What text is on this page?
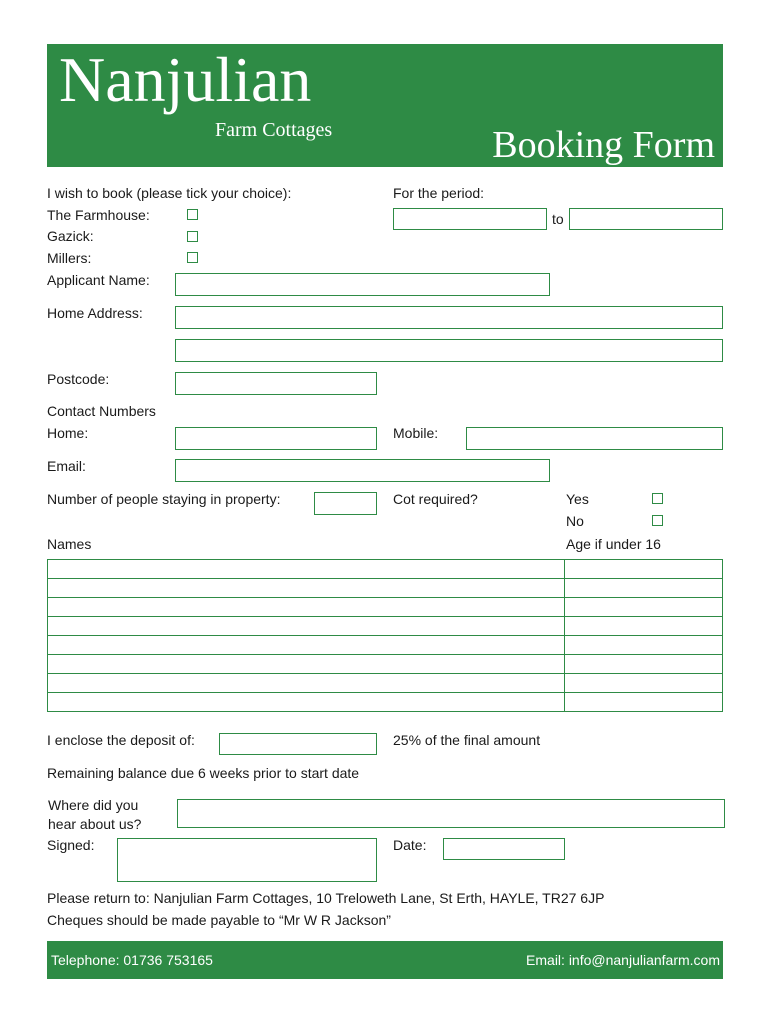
Nanjulian
Farm Cottages	Booking Form
I wish to book (please tick your choice):
The Farmhouse:
Gazick:
Millers:
For the period:
to
Applicant Name:
Home Address:
Postcode:
Contact Numbers
Home:	Mobile:
Email:
Number of people staying in property:	Cot required?	Yes
No
Names	Age if under 16

I enclose the deposit of:	25% of the final amount
Remaining balance due 6 weeks prior to start date
Where did you
hear about us?
Signed:	Date:
Please return to: Nanjulian Farm Cottages, 10 Treloweth Lane, St Erth, HAYLE, TR27 6JP
Cheques should be made payable to “Mr W R Jackson”
Telephone: 01736 753165	Email: info@nanjulianfarm.com
